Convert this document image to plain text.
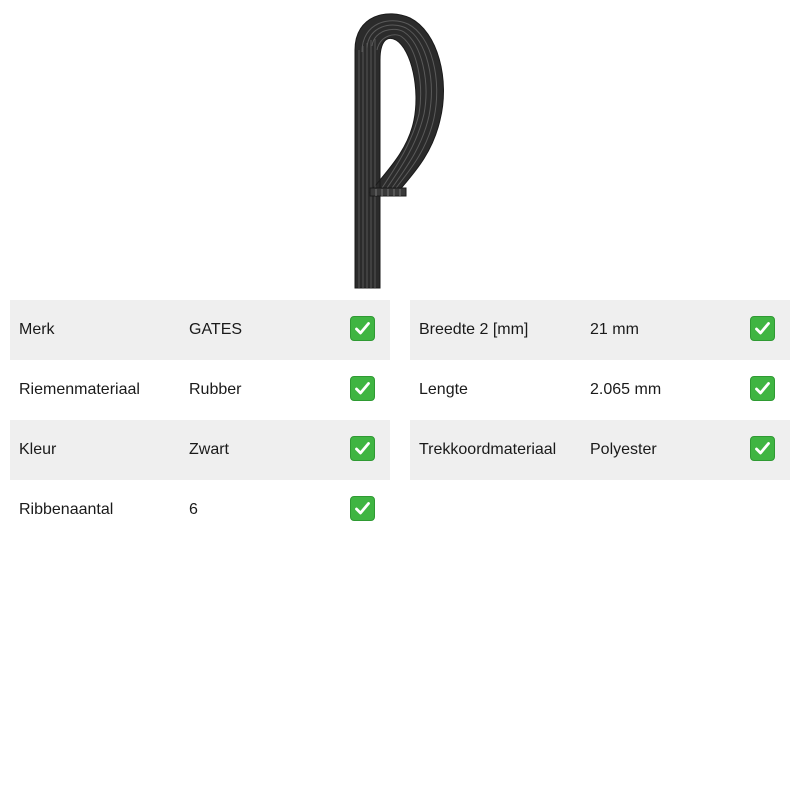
Merk	GATES
Riemenmateriaal	Rubber
Kleur	Zwart
Ribbenaantal	6
Breedte 2 [mm]	21 mm
Lengte	2.065 mm
Trekkoordmateriaal Polyester
